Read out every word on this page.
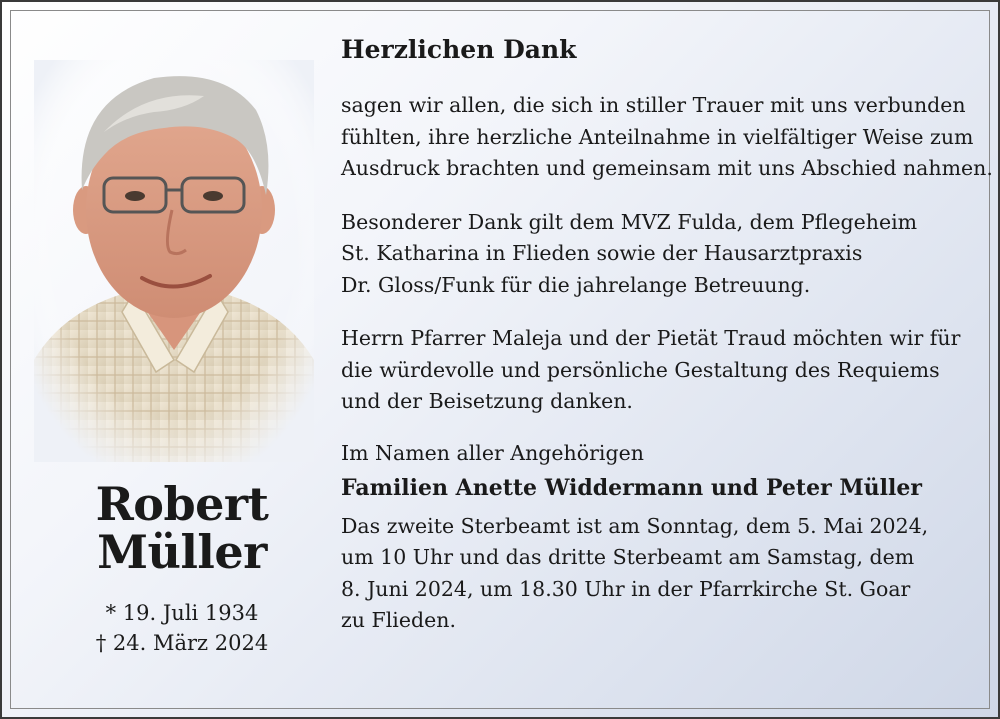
Robert
Müller
* 19. Juli 1934
† 24. März 2024

Herzlichen Dank

sagen wir allen, die sich in stiller Trauer mit uns verbunden

fühlten, ihre herzliche Anteilnahme in vielfältiger Weise zum

Ausdruck brachten und gemeinsam mit uns Abschied nahmen.

Besonderer Dank gilt dem MVZ Fulda, dem Pflegeheim

St. Katharina in Flieden sowie der Hausarztpraxis

Dr. Gloss/Funk für die jahrelange Betreuung.

Herrn Pfarrer Maleja und der Pietät Traud möchten wir für

die würdevolle und persönliche Gestaltung des Requiems

und der Beisetzung danken.

Im Namen aller Angehörigen

Familien Anette Widdermann und Peter Müller

Das zweite Sterbeamt ist am Sonntag, dem 5. Mai 2024,

um 10 Uhr und das dritte Sterbeamt am Samstag, dem

8. Juni 2024, um 18.30 Uhr in der Pfarrkirche St. Goar

zu Flieden.
